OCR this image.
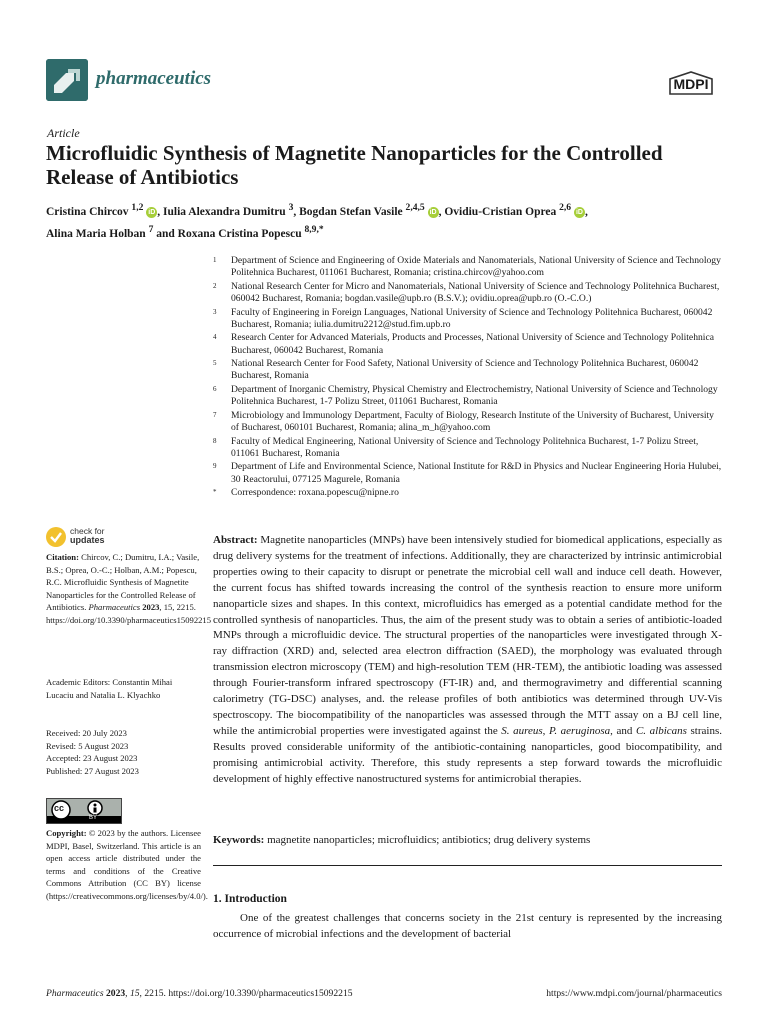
pharmaceutics	MDPI
Article
Microfluidic Synthesis of Magnetite Nanoparticles for the Controlled Release of Antibiotics
Cristina Chircov $^{1,2}$ iD , Iulia Alexandra Dumitru $^3$, Bogdan Stefan Vasile $^{2,4,5}$ iD , Ovidiu-Cristian Oprea $^{2,6}$ iD ,
Alina Maria Holban $^7$ and Roxana Cristina Popescu $^{8,9,*}$
1	Department of Science and Engineering of Oxide Materials and Nanomaterials, National University of Science and Technology Politehnica Bucharest, 011061 Bucharest, Romania; cristina.chircov@yahoo.com
2	National Research Center for Micro and Nanomaterials, National University of Science and Technology Politehnica Bucharest, 060042 Bucharest, Romania; bogdan.vasile@upb.ro (B.S.V.); ovidiu.oprea@upb.ro (O.-C.O.)
3	Faculty of Engineering in Foreign Languages, National University of Science and Technology Politehnica Bucharest, 060042 Bucharest, Romania; iulia.dumitru2212@stud.fim.upb.ro
4	Research Center for Advanced Materials, Products and Processes, National University of Science and Technology Politehnica Bucharest, 060042 Bucharest, Romania
5	National Research Center for Food Safety, National University of Science and Technology Politehnica Bucharest, 060042 Bucharest, Romania
6	Department of Inorganic Chemistry, Physical Chemistry and Electrochemistry, National University of Science and Technology Politehnica Bucharest, 1-7 Polizu Street, 011061 Bucharest, Romania
7	Microbiology and Immunology Department, Faculty of Biology, Research Institute of the University of Bucharest, University of Bucharest, 060101 Bucharest, Romania; alina_m_h@yahoo.com
8	Faculty of Medical Engineering, National University of Science and Technology Politehnica Bucharest, 1-7 Polizu Street, 011061 Bucharest, Romania
9	Department of Life and Environmental Science, National Institute for R&D in Physics and Nuclear Engineering Horia Hulubei, 30 Reactorului, 077125 Magurele, Romania
*	Correspondence: roxana.popescu@nipne.ro
check for
updates
Citation: Chircov, C.; Dumitru, I.A.; Vasile, B.S.; Oprea, O.-C.; Holban, A.M.; Popescu, R.C. Microfluidic Synthesis of Magnetite Nanoparticles for the Controlled Release of Antibiotics. Pharmaceutics 2023, 15, 2215. https://doi.org/10.3390/pharmaceutics15092215
Academic Editors: Constantin Mihai Lucaciu and Natalia L. Klyachko
Received: 20 July 2023
Revised: 5 August 2023
Accepted: 23 August 2023
Published: 27 August 2023
cc
BY
Copyright: © 2023 by the authors. Licensee MDPI, Basel, Switzerland. This article is an open access article distributed under the terms and conditions of the Creative Commons Attribution (CC BY) license (https://creativecommons.org/licenses/by/4.0/).
Abstract: Magnetite nanoparticles (MNPs) have been intensively studied for biomedical applications, especially as drug delivery systems for the treatment of infections. Additionally, they are characterized by intrinsic antimicrobial properties owing to their capacity to disrupt or penetrate the microbial cell wall and induce cell death. However, the current focus has shifted towards increasing the control of the synthesis reaction to ensure more uniform nanoparticle sizes and shapes. In this context, microfluidics has emerged as a potential candidate method for the controlled synthesis of nanoparticles. Thus, the aim of the present study was to obtain a series of antibiotic-loaded MNPs through a microfluidic device. The structural properties of the nanoparticles were investigated through X-ray diffraction (XRD) and, selected area electron diffraction (SAED), the morphology was evaluated through transmission electron microscopy (TEM) and high-resolution TEM (HR-TEM), the antibiotic loading was assessed through Fourier-transform infrared spectroscopy (FT-IR) and, and thermogravimetry and differential scanning calorimetry (TG-DSC) analyses, and. the release profiles of both antibiotics was determined through UV-Vis spectroscopy. The biocompatibility of the nanoparticles was assessed through the MTT assay on a BJ cell line, while the antimicrobial properties were investigated against the S. aureus, P. aeruginosa, and C. albicans strains. Results proved considerable uniformity of the antibiotic-containing nanoparticles, good biocompatibility, and promising antimicrobial activity. Therefore, this study represents a step forward towards the microfluidic development of highly effective nanostructured systems for antimicrobial therapies.
Keywords: magnetite nanoparticles; microfluidics; antibiotics; drug delivery systems
1. Introduction
One of the greatest challenges that concerns society in the 21st century is represented by the increasing occurrence of microbial infections and the development of bacterial
Pharmaceutics 2023, 15, 2215. https://doi.org/10.3390/pharmaceutics15092215	https://www.mdpi.com/journal/pharmaceutics
